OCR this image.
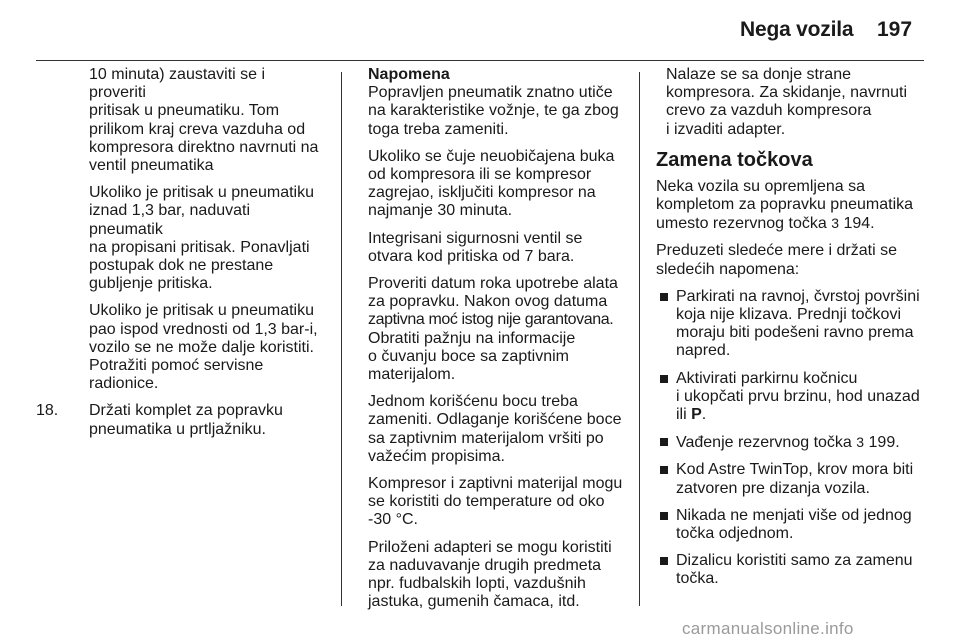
Nega vozila 197

10 minuta) zaustaviti se i proveriti
pritisak u pneumatiku. Tom
prilikom kraj creva vazduha od
kompresora direktno navrnuti na
ventil pneumatika

Ukoliko je pritisak u pneumatiku
iznad 1,3 bar, naduvati pneumatik
na propisani pritisak. Ponavljati
postupak dok ne prestane
gubljenje pritiska.

Ukoliko je pritisak u pneumatiku
pao ispod vrednosti od 1,3 bar-i,
vozilo se ne može dalje koristiti.
Potražiti pomoć servisne
radionice.

18. Držati komplet za popravku
pneumatika u prtljažniku.

Napomena
Popravljen pneumatik znatno utiče
na karakteristike vožnje, te ga zbog
toga treba zameniti.

Ukoliko se čuje neuobičajena buka
od kompresora ili se kompresor
zagrejao, isključiti kompresor na
najmanje 30 minuta.

Integrisani sigurnosni ventil se
otvara kod pritiska od 7 bara.

Proveriti datum roka upotrebe alata
za popravku. Nakon ovog datuma
zaptivna moć istog nije garantovana.
Obratiti pažnju na informacije
o čuvanju boce sa zaptivnim
materijalom.

Jednom korišćenu bocu treba
zameniti. Odlaganje korišćene boce
sa zaptivnim materijalom vršiti po
važećim propisima.

Kompresor i zaptivni materijal mogu
se koristiti do temperature od oko
-30 °C.

Priloženi adapteri se mogu koristiti
za naduvavanje drugih predmeta
npr. fudbalskih lopti, vazdušnih
jastuka, gumenih čamaca, itd.

Nalaze se sa donje strane
kompresora. Za skidanje, navrnuti
crevo za vazduh kompresora
i izvaditi adapter.

Zamena točkova

Neka vozila su opremljena sa
kompletom za popravku pneumatika
umesto rezervnog točka 3 194.

Preduzeti sledeće mere i držati se
sledećih napomena:

Parkirati na ravnoj, čvrstoj površini
koja nije klizava. Prednji točkovi
moraju biti podešeni ravno prema
napred.

Aktivirati parkirnu kočnicu
i ukopčati prvu brzinu, hod unazad
ili P.

Vađenje rezervnog točka 3 199.

Kod Astre TwinTop, krov mora biti
zatvoren pre dizanja vozila.

Nikada ne menjati više od jednog
točka odjednom.

Dizalicu koristiti samo za zamenu
točka.

carmanualsonline.info
